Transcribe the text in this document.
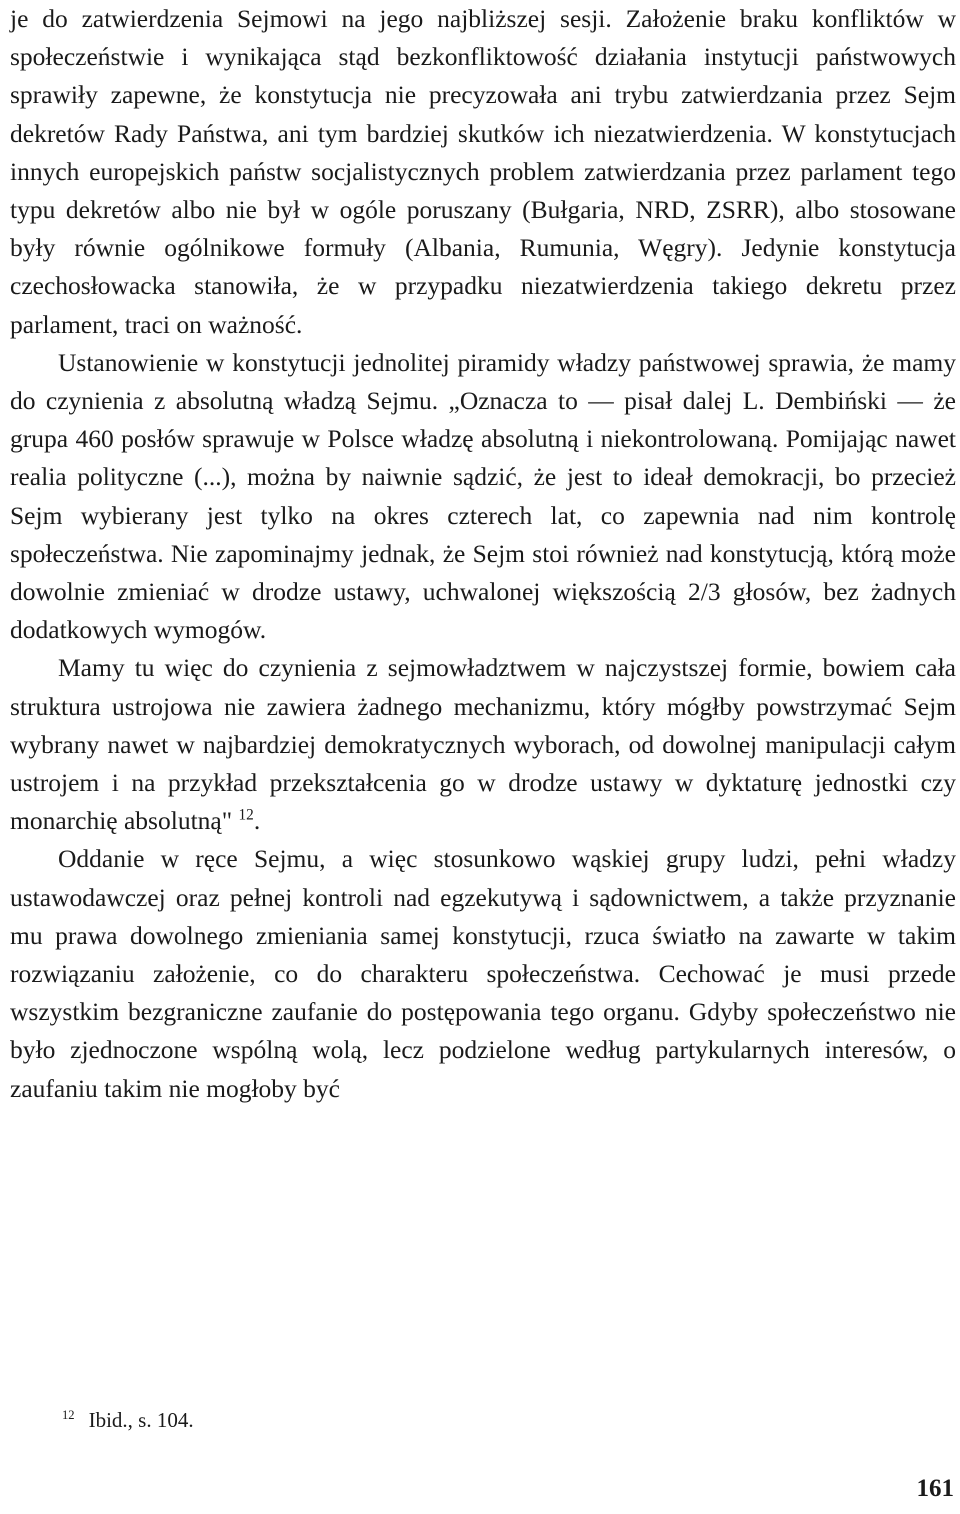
je do zatwierdzenia Sejmowi na jego najbliższej sesji. Założenie braku konfliktów w społeczeństwie i wynikająca stąd bezkonfliktowość działania instytucji państwowych sprawiły zapewne, że konstytucja nie precyzowała ani trybu zatwierdzania przez Sejm dekretów Rady Państwa, ani tym bardziej skutków ich niezatwierdzenia. W konstytucjach innych europejskich państw socjalistycznych problem zatwierdzania przez parlament tego typu dekretów albo nie był w ogóle poruszany (Bułgaria, NRD, ZSRR), albo stosowane były równie ogólnikowe formuły (Albania, Rumunia, Węgry). Jedynie konstytucja czechosłowacka stanowiła, że w przypadku niezatwierdzenia takiego dekretu przez parlament, traci on ważność.

Ustanowienie w konstytucji jednolitej piramidy władzy państwowej sprawia, że mamy do czynienia z absolutną władzą Sejmu. „Oznacza to — pisał dalej L. Dembiński — że grupa 460 posłów sprawuje w Polsce władzę absolutną i niekontrolowaną. Pomijając nawet realia polityczne (...), można by naiwnie sądzić, że jest to ideał demokracji, bo przecież Sejm wybierany jest tylko na okres czterech lat, co zapewnia nad nim kontrolę społeczeństwa. Nie zapominajmy jednak, że Sejm stoi również nad konstytucją, którą może dowolnie zmieniać w drodze ustawy, uchwalonej większością 2/3 głosów, bez żadnych dodatkowych wymogów.

Mamy tu więc do czynienia z sejmowładztwem w najczystszej formie, bowiem cała struktura ustrojowa nie zawiera żadnego mechanizmu, który mógłby powstrzymać Sejm wybrany nawet w najbardziej demokratycznych wyborach, od dowolnej manipulacji całym ustrojem i na przykład przekształcenia go w drodze ustawy w dyktaturę jednostki czy monarchię absolutną" $^{12}$.

Oddanie w ręce Sejmu, a więc stosunkowo wąskiej grupy ludzi, pełni władzy ustawodawczej oraz pełnej kontroli nad egzekutywą i sądownictwem, a także przyznanie mu prawa dowolnego zmieniania samej konstytucji, rzuca światło na zawarte w takim rozwiązaniu założenie, co do charakteru społeczeństwa. Cechować je musi przede wszystkim bezgraniczne zaufanie do postępowania tego organu. Gdyby społeczeństwo nie było zjednoczone wspólną wolą, lecz podzielone według partykularnych interesów, o zaufaniu takim nie mogłoby być

$^{12}$ Ibid., s. 104.
161
